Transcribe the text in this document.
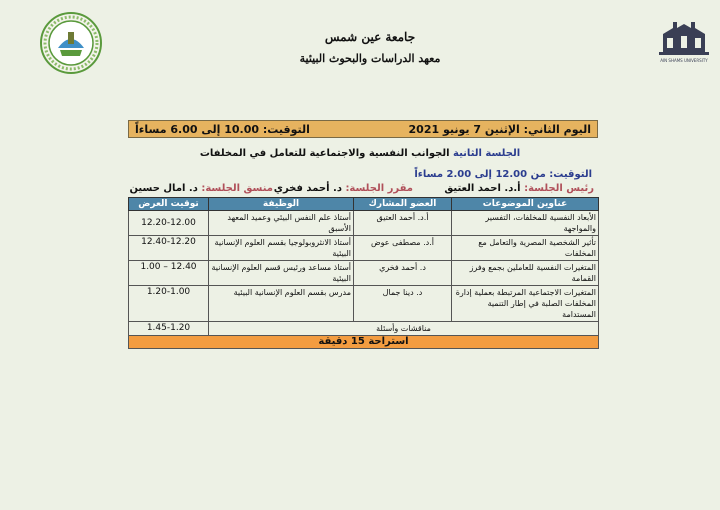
AIN SHAMS UNIVERSITY
جامعة عين شمس
معهد الدراسات والبحوث البيئية
اليوم الثاني: الإثنين 7 يونيو 2021
التوقيت: 10.00 إلى 6.00 مساءاً
الجلسة الثانية الجوانب النفسية والاجتماعية للتعامل في المخلفات
التوقيت: من 12.00 إلى 2.00 مساءاً
رئيس الجلسة: أ.د. احمد العتيق
مقرر الجلسة: د. أحمد فخري
منسق الجلسة: د. امال حسين
عناوين الموضوعات	العضو المشارك	الوظيفة	توقيت العرض
الأبعاد النفسية للمخلفات، التفسير والمواجهة	أ.د. أحمد العتيق	أستاذ علم النفس البيئي وعميد المعهد الأسبق	12.20-12.00
تأثير الشخصية المصرية والتعامل مع المخلفات	أ.د. مصطفى عوض	أستاذ الانثروبولوجيا بقسم العلوم الإنسانية البيئية	12.40-12.20
المتغيرات النفسية للعاملين بجمع وفرز القمامة	د. أحمد فخري	أستاذ مساعد ورئيس قسم العلوم الإنسانية البيئية	12.40 – 1.00
المتغيرات الاجتماعية المرتبطة بعملية إدارة المخلفات الصلبة في إطار التنمية المستدامة	د. دينا جمال	مدرس بقسم العلوم الإنسانية البيئية	1.20-1.00
مناقشات وأسئلة			1.45-1.20
استراحة 15 دقيقة			
